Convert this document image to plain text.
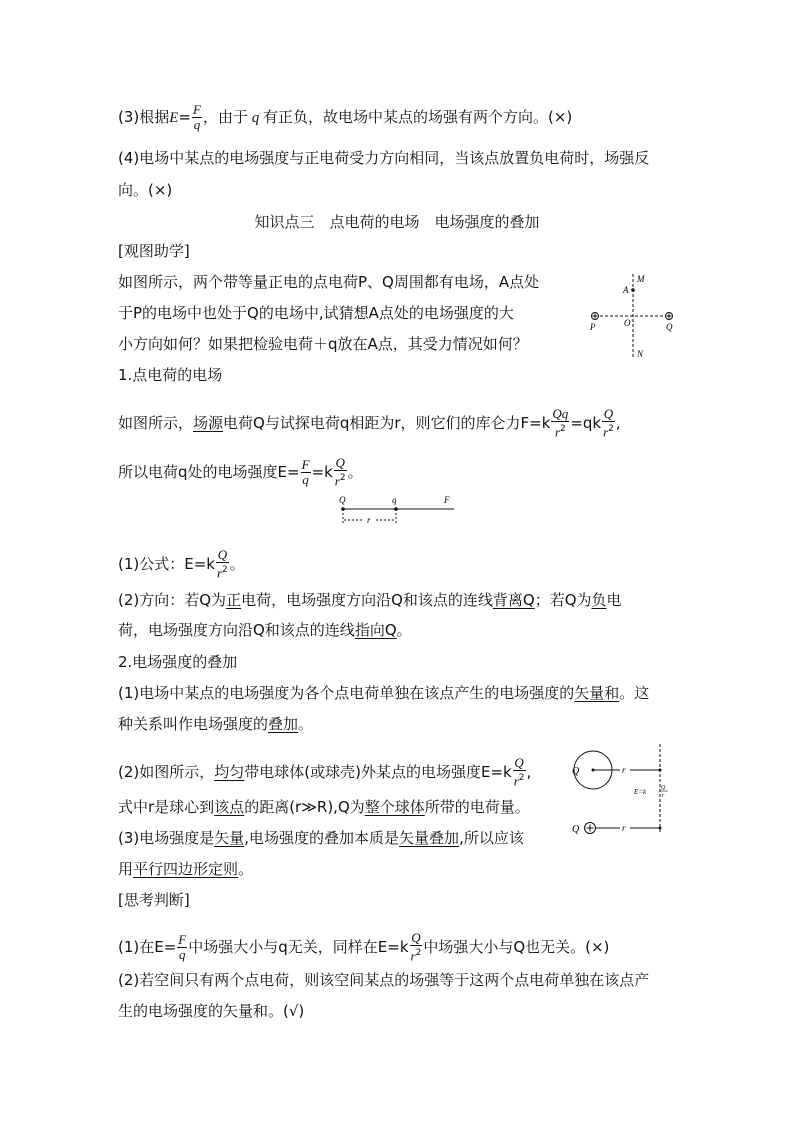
(3)根据$E= \frac{F}{q}$ ，由于 q 有正负，故电场中某点的场强有两个方向。(×)
(4)电场中某点的电场强度与正电荷受力方向相同，当该点放置负电荷时，场强反
向。(×)
知识点三　点电荷的电场　电场强度的叠加
[观图助学]
如图所示，两个带等量正电的点电荷P、Q周围都有电场，A点处
于P的电场中也处于Q的电场中,试猜想A点处的电场强度的大
小方向如何？如果把检验电荷＋q放在A点，其受力情况如何？
M
A
O
P	Q
N
1.点电荷的电场
如图所示，场源电荷Q与试探电荷q相距为r，则它们的库仑力$F=k \frac{Qq}{r^2} =qk \frac{Q}{r^2}$ ,
所以电荷q处的电场强度$E= \frac{F}{q} =k \frac{Q}{r^2}$ 。
Q	q	F
r
(1)公式：$E=k \frac{Q}{r^2}$ 。
(2)方向：若Q为正电荷，电场强度方向沿Q和该点的连线背离Q；若Q为负电
荷，电场强度方向沿Q和该点的连线指向Q。
2.电场强度的叠加
(1)电场中某点的电场强度为各个点电荷单独在该点产生的电场强度的矢量和。这
种关系叫作电场强度的叠加。
(2)如图所示，均匀带电球体(或球壳)外某点的电场强度$E=k \frac{Q}{r^2}$ ,
式中r是球心到该点的距离(r≫R),Q为整个球体所带的电荷量。
(3)电场强度是矢量,电场强度的叠加本质是矢量叠加,所以应该
用平行四边形定则。
Q	r
E=k Q
r
Q	r
[思考判断]
(1)在$E= \frac{F}{q}$ 中场强大小与q无关，同样在$E=k \frac{Q}{r^2}$ 中场强大小与Q也无关。(×)
(2)若空间只有两个点电荷，则该空间某点的场强等于这两个点电荷单独在该点产
生的电场强度的矢量和。(√)
